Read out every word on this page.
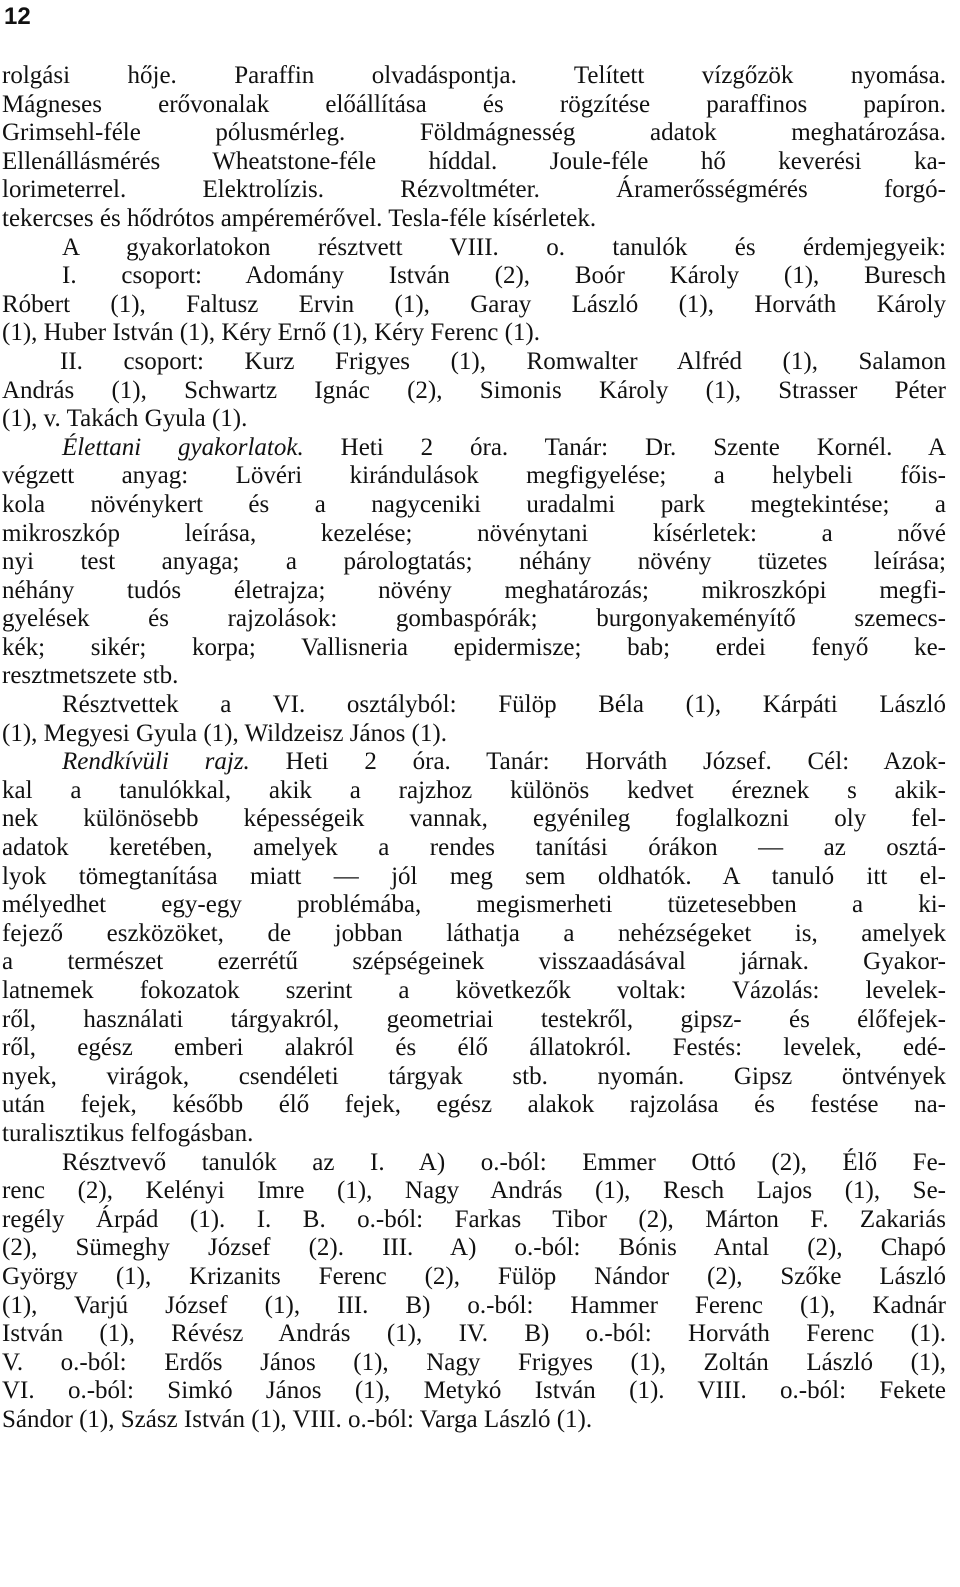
12
rolgási hője. Paraffin olvadáspontja. Telített vízgőzök nyomása.
Mágneses erővonalak előállítása és rögzítése paraffinos papíron.
Grimsehl-féle pólusmérleg. Földmágnesség adatok meghatározása.
Ellenállásmérés Wheatstone-féle híddal. Joule-féle hő keverési ka-
lorimeterrel. Elektrolízis. Rézvoltméter. Áramerősségmérés forgó-
tekercses és hődrótos ampéremérővel. Tesla-féle kísérletek.
A gyakorlatokon résztvett VIII. o. tanulók és érdemjegyeik:
I. csoport: Adomány István (2), Boór Károly (1), Buresch
Róbert (1), Faltusz Ervin (1), Garay László (1), Horváth Károly
(1), Huber István (1), Kéry Ernő (1), Kéry Ferenc (1).
II. csoport: Kurz Frigyes (1), Romwalter Alfréd (1), Salamon
András (1), Schwartz Ignác (2), Simonis Károly (1), Strasser Péter
(1), v. Takách Gyula (1).
Élettani gyakorlatok. Heti 2 óra. Tanár: Dr. Szente Kornél. A
végzett anyag: Lövéri kirándulások megfigyelése; a helybeli főis-
kola növénykert és a nagyceniki uradalmi park megtekintése; a
mikroszkóp leírása, kezelése; növénytani kísérletek: a nővé
nyi test anyaga; a párologtatás; néhány növény tüzetes leírása;
néhány tudós életrajza; növény meghatározás; mikroszkópi megfi-
gyelések és rajzolások: gombaspórák; burgonyakeményítő szemecs-
kék; sikér; korpa; Vallisneria epidermisze; bab; erdei fenyő ke-
resztmetszete stb.
Résztvettek a VI. osztályból: Fülöp Béla (1), Kárpáti László
(1), Megyesi Gyula (1), Wildzeisz János (1).
Rendkívüli rajz. Heti 2 óra. Tanár: Horváth József. Cél: Azok-
kal a tanulókkal, akik a rajzhoz különös kedvet éreznek s akik-
nek különösebb képességeik vannak, egyénileg foglalkozni oly fel-
adatok keretében, amelyek a rendes tanítási órákon — az osztá-
lyok tömegtanítása miatt — jól meg sem oldhatók. A tanuló itt el-
mélyedhet egy-egy problémába, megismerheti tüzetesebben a ki-
fejező eszközöket, de jobban láthatja a nehézségeket is, amelyek
a természet ezerrétű szépségeinek visszaadásával járnak. Gyakor-
latnemek fokozatok szerint a következők voltak: Vázolás: levelek-
ről, használati tárgyakról, geometriai testekről, gipsz- és élőfejek-
ről, egész emberi alakról és élő állatokról. Festés: levelek, edé-
nyek, virágok, csendéleti tárgyak stb. nyomán. Gipsz öntvények
után fejek, később élő fejek, egész alakok rajzolása és festése na-
turalisztikus felfogásban.
Résztvevő tanulók az I. A) o.-ból: Emmer Ottó (2), Élő Fe-
renc (2), Kelényi Imre (1), Nagy András (1), Resch Lajos (1), Se-
regély Árpád (1). I. B. o.-ból: Farkas Tibor (2), Márton F. Zakariás
(2), Sümeghy József (2). III. A) o.-ból: Bónis Antal (2), Chapó
György (1), Krizanits Ferenc (2), Fülöp Nándor (2), Szőke László
(1), Varjú József (1), III. B) o.-ból: Hammer Ferenc (1), Kadnár
István (1), Révész András (1), IV. B) o.-ból: Horváth Ferenc (1).
V. o.-ból: Erdős János (1), Nagy Frigyes (1), Zoltán László (1),
VI. o.-ból: Simkó János (1), Metykó István (1). VIII. o.-ból: Fekete
Sándor (1), Szász István (1), VIII. o.-ból: Varga László (1).
